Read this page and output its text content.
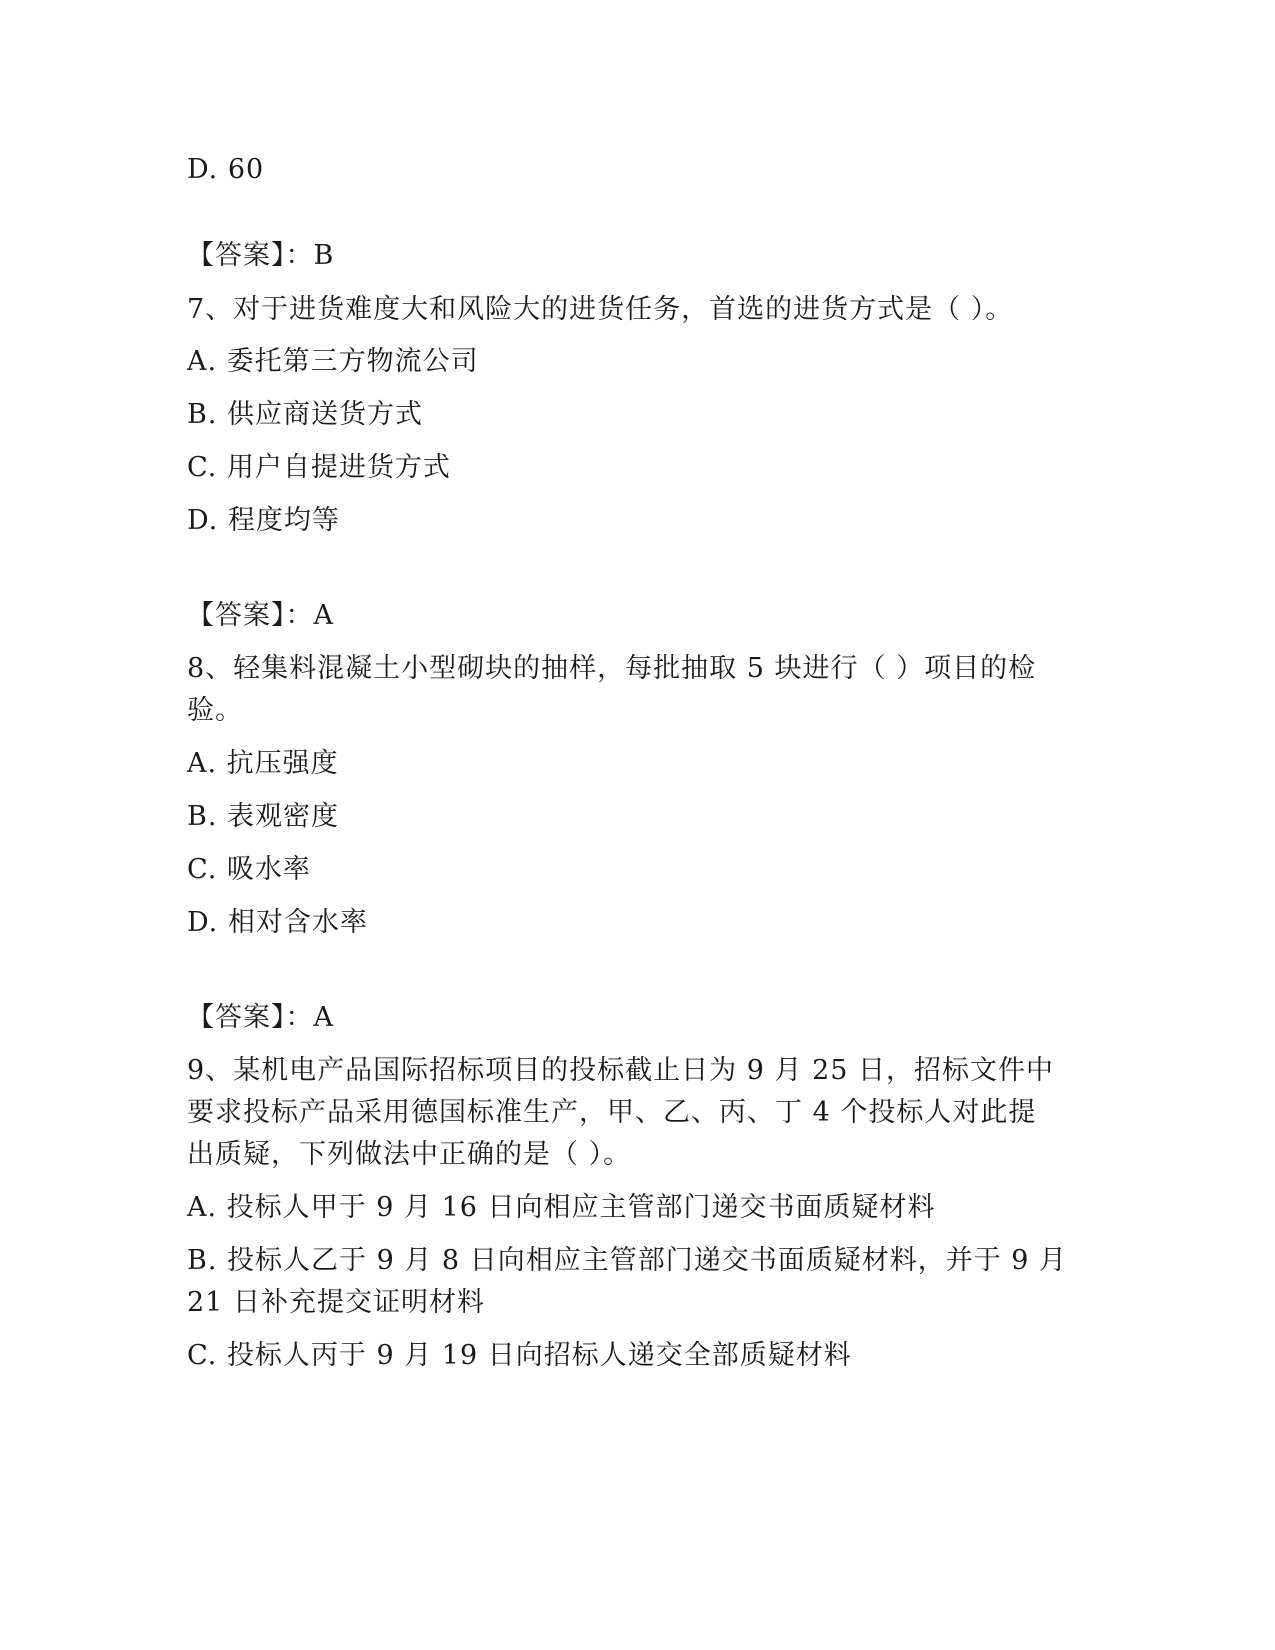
D. 60
【答案】：B
7、对于进货难度大和风险大的进货任务，首选的进货方式是（ ）。
A. 委托第三方物流公司
B. 供应商送货方式
C. 用户自提进货方式
D. 程度均等
【答案】：A
8、轻集料混凝土小型砌块的抽样，每批抽取 5 块进行（ ）项目的检
验。
A. 抗压强度
B. 表观密度
C. 吸水率
D. 相对含水率
【答案】：A
9、某机电产品国际招标项目的投标截止日为 9 月 25 日，招标文件中
要求投标产品采用德国标准生产，甲、乙、丙、丁 4 个投标人对此提
出质疑，下列做法中正确的是（ ）。
A. 投标人甲于 9 月 16 日向相应主管部门递交书面质疑材料
B. 投标人乙于 9 月 8 日向相应主管部门递交书面质疑材料，并于 9 月
21 日补充提交证明材料
C. 投标人丙于 9 月 19 日向招标人递交全部质疑材料
